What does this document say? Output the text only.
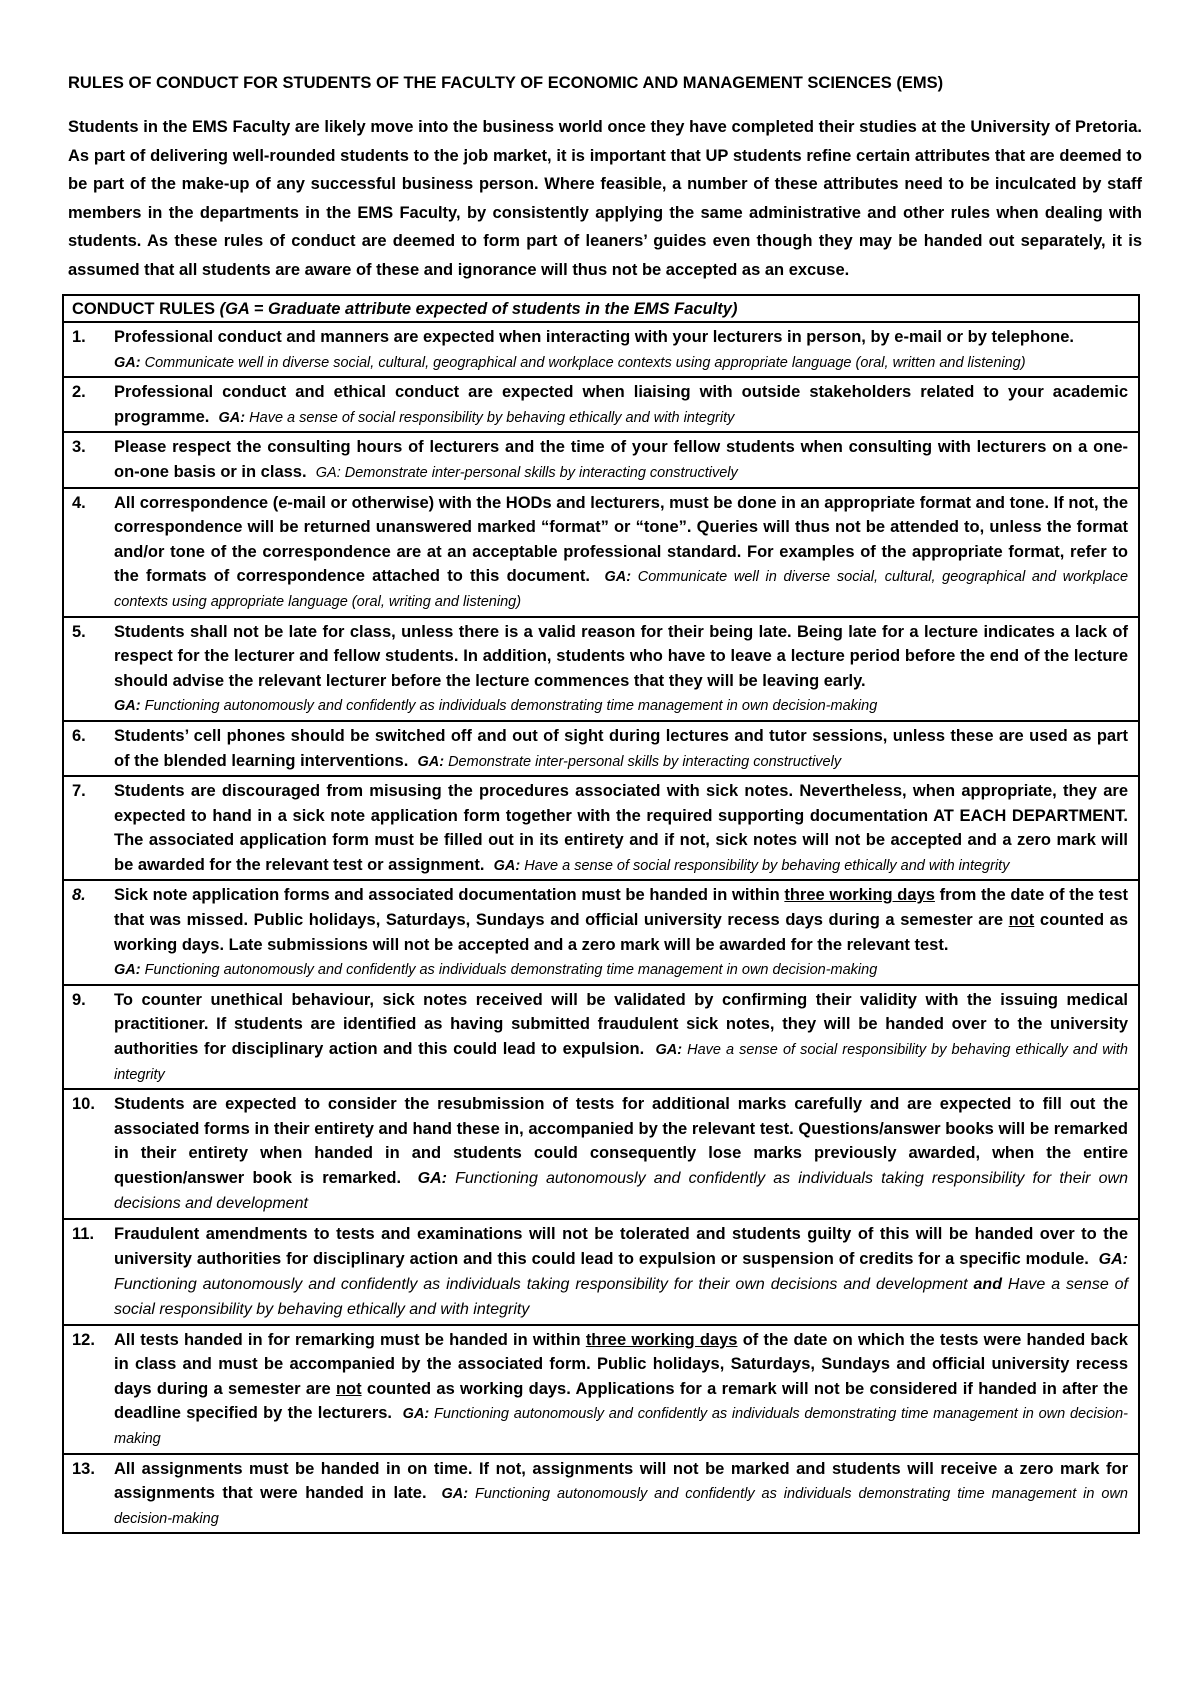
RULES OF CONDUCT FOR STUDENTS OF THE FACULTY OF ECONOMIC AND MANAGEMENT SCIENCES (EMS)
Students in the EMS Faculty are likely move into the business world once they have completed their studies at the University of Pretoria. As part of delivering well-rounded students to the job market, it is important that UP students refine certain attributes that are deemed to be part of the make-up of any successful business person. Where feasible, a number of these attributes need to be inculcated by staff members in the departments in the EMS Faculty, by consistently applying the same administrative and other rules when dealing with students. As these rules of conduct are deemed to form part of leaners’ guides even though they may be handed out separately, it is assumed that all students are aware of these and ignorance will thus not be accepted as an excuse.
CONDUCT RULES (GA = Graduate attribute expected of students in the EMS Faculty)

1.	Professional conduct and manners are expected when interacting with your lecturers in person, by e-mail or by telephone.
GA: Communicate well in diverse social, cultural, geographical and workplace contexts using appropriate language (oral, written and listening)

2.	Professional conduct and ethical conduct are expected when liaising with outside stakeholders related to your academic programme. GA: Have a sense of social responsibility by behaving ethically and with integrity

3.	Please respect the consulting hours of lecturers and the time of your fellow students when consulting with lecturers on a one-on-one basis or in class. GA: Demonstrate inter-personal skills by interacting constructively

4.	All correspondence (e-mail or otherwise) with the HODs and lecturers, must be done in an appropriate format and tone. If not, the correspondence will be returned unanswered marked “format” or “tone”. Queries will thus not be attended to, unless the format and/or tone of the correspondence are at an acceptable professional standard. For examples of the appropriate format, refer to the formats of correspondence attached to this document. GA: Communicate well in diverse social, cultural, geographical and workplace contexts using appropriate language (oral, writing and listening)

5.	Students shall not be late for class, unless there is a valid reason for their being late. Being late for a lecture indicates a lack of respect for the lecturer and fellow students. In addition, students who have to leave a lecture period before the end of the lecture should advise the relevant lecturer before the lecture commences that they will be leaving early.
GA: Functioning autonomously and confidently as individuals demonstrating time management in own decision-making

6.	Students’ cell phones should be switched off and out of sight during lectures and tutor sessions, unless these are used as part of the blended learning interventions. GA: Demonstrate inter-personal skills by interacting constructively

7.	Students are discouraged from misusing the procedures associated with sick notes. Nevertheless, when appropriate, they are expected to hand in a sick note application form together with the required supporting documentation AT EACH DEPARTMENT. The associated application form must be filled out in its entirety and if not, sick notes will not be accepted and a zero mark will be awarded for the relevant test or assignment. GA: Have a sense of social responsibility by behaving ethically and with integrity

8.	Sick note application forms and associated documentation must be handed in within three working days from the date of the test that was missed. Public holidays, Saturdays, Sundays and official university recess days during a semester are not counted as working days. Late submissions will not be accepted and a zero mark will be awarded for the relevant test.
GA: Functioning autonomously and confidently as individuals demonstrating time management in own decision-making

9.	To counter unethical behaviour, sick notes received will be validated by confirming their validity with the issuing medical practitioner. If students are identified as having submitted fraudulent sick notes, they will be handed over to the university authorities for disciplinary action and this could lead to expulsion. GA: Have a sense of social responsibility by behaving ethically and with integrity

10.	Students are expected to consider the resubmission of tests for additional marks carefully and are expected to fill out the associated forms in their entirety and hand these in, accompanied by the relevant test. Questions/answer books will be remarked in their entirety when handed in and students could consequently lose marks previously awarded, when the entire question/answer book is remarked. GA: Functioning autonomously and confidently as individuals taking responsibility for their own decisions and development

11.	Fraudulent amendments to tests and examinations will not be tolerated and students guilty of this will be handed over to the university authorities for disciplinary action and this could lead to expulsion or suspension of credits for a specific module. GA: Functioning autonomously and confidently as individuals taking responsibility for their own decisions and development and Have a sense of social responsibility by behaving ethically and with integrity

12.	All tests handed in for remarking must be handed in within three working days of the date on which the tests were handed back in class and must be accompanied by the associated form. Public holidays, Saturdays, Sundays and official university recess days during a semester are not counted as working days. Applications for a remark will not be considered if handed in after the deadline specified by the lecturers. GA: Functioning autonomously and confidently as individuals demonstrating time management in own decision-making

13.	All assignments must be handed in on time. If not, assignments will not be marked and students will receive a zero mark for assignments that were handed in late. GA: Functioning autonomously and confidently as individuals demonstrating time management in own decision-making
